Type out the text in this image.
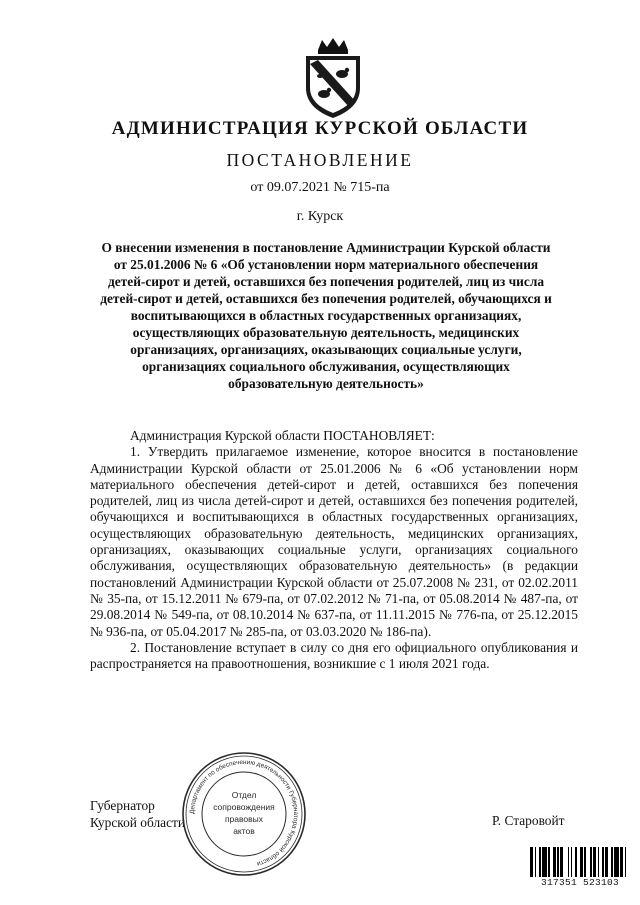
АДМИНИСТРАЦИЯ КУРСКОЙ ОБЛАСТИ
ПОСТАНОВЛЕНИЕ
от 09.07.2021 № 715-па
г. Курск
О внесении изменения в постановление Администрации Курской области от 25.01.2006 № 6 «Об установлении норм материального обеспечения детей-сирот и детей, оставшихся без попечения родителей, лиц из числа детей-сирот и детей, оставшихся без попечения родителей, обучающихся и воспитывающихся в областных государственных организациях, осуществляющих образовательную деятельность, медицинских организациях, организациях, оказывающих социальные услуги, организациях социального обслуживания, осуществляющих образовательную деятельность»

Администрация Курской области ПОСТАНОВЛЯЕТ:

1. Утвердить прилагаемое изменение, которое вносится в постановление Администрации Курской области от 25.01.2006 № 6 «Об установлении норм материального обеспечения детей-сирот и детей, оставшихся без попечения родителей, лиц из числа детей-сирот и детей, оставшихся без попечения родителей, обучающихся и воспитывающихся в областных государственных организациях, осуществляющих образовательную деятельность, медицинских организациях, организациях, оказывающих социальные услуги, организациях социального обслуживания, осуществляющих образовательную деятельность» (в редакции постановлений Администрации Курской области от 25.07.2008 № 231, от 02.02.2011 № 35-па, от 15.12.2011 № 679-па, от 07.02.2012 № 71-па, от 05.08.2014 № 487-па, от 29.08.2014 № 549-па, от 08.10.2014 № 637-па, от 11.11.2015 № 776-па, от 25.12.2015 № 936-па, от 05.04.2017 № 285-па, от 03.03.2020 № 186-па).

2. Постановление вступает в силу со дня его официального опубликования и распространяется на правоотношения, возникшие с 1 июля 2021 года.

Губернатор
Курской области
Департамент по обеспечению деятельности Губернатора Курской области
Отдел
сопровождения
правовых
актов
Р. Старовойт
317351 523103
